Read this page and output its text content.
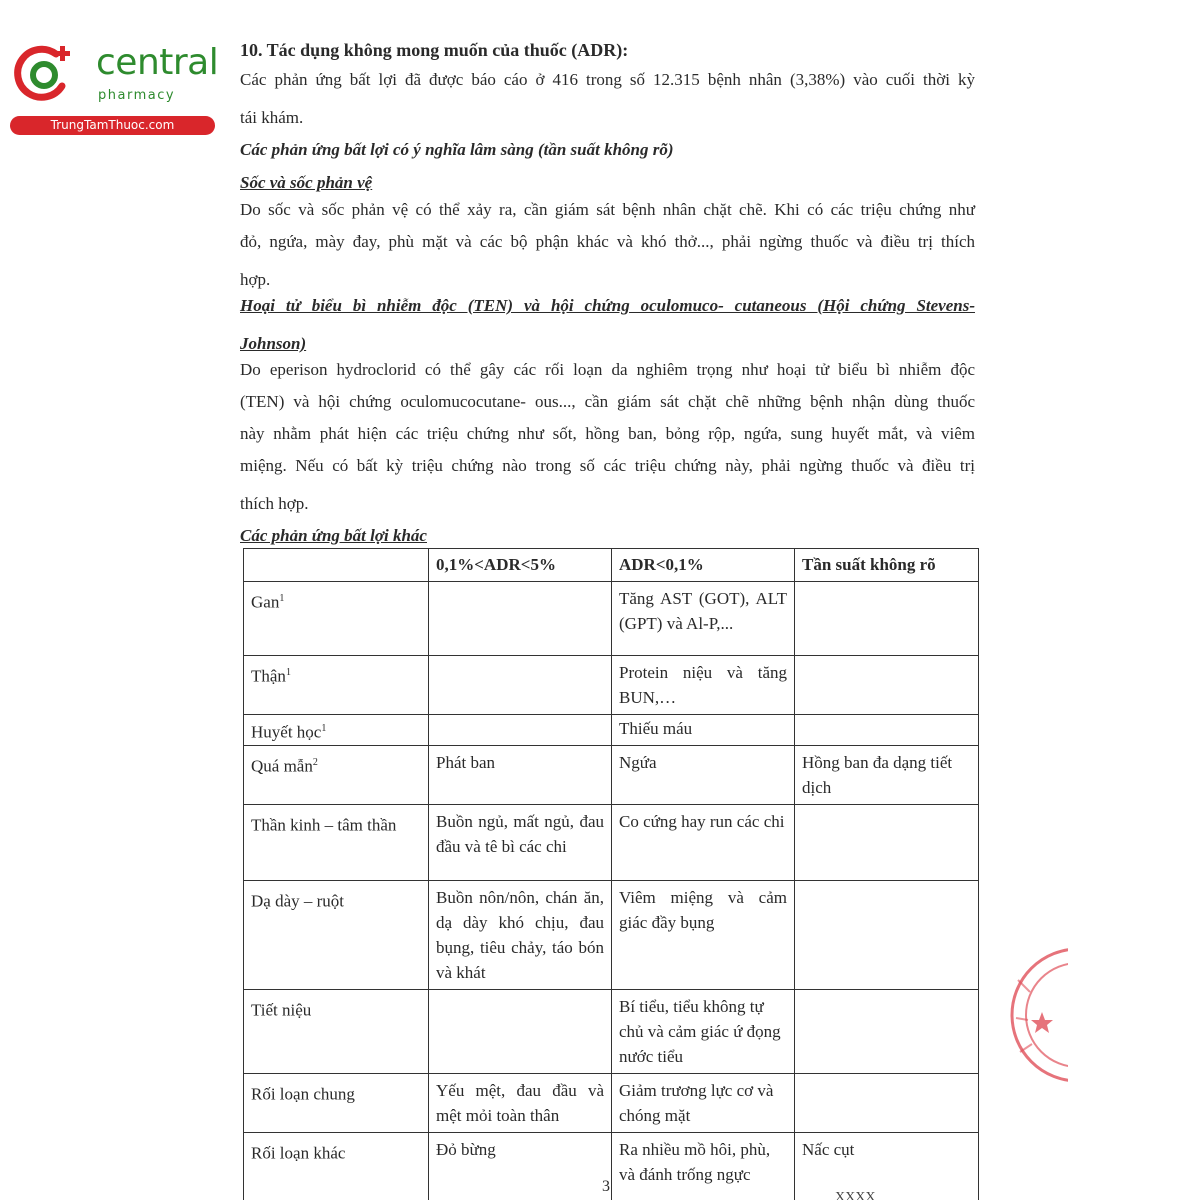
central
pharmacy
TrungTamThuoc.com
10. Tác dụng không mong muốn của thuốc (ADR):
Các phản ứng bất lợi đã được báo cáo ở 416 trong số 12.315 bệnh nhân (3,38%) vào cuối thời kỳ
tái khám.
Các phản ứng bất lợi có ý nghĩa lâm sàng (tần suất không rõ)
Sốc và sốc phản vệ
Do sốc và sốc phản vệ có thể xảy ra, cần giám sát bệnh nhân chặt chẽ. Khi có các triệu chứng như
đỏ, ngứa, mày đay, phù mặt và các bộ phận khác và khó thở..., phải ngừng thuốc và điều trị thích
hợp.
Hoại tử biểu bì nhiễm độc (TEN) và hội chứng oculomuco- cutaneous (Hội chứng Stevens-
Johnson)
Do eperison hydroclorid có thể gây các rối loạn da nghiêm trọng như hoại tử biểu bì nhiễm độc
(TEN) và hội chứng oculomucocutane- ous..., cần giám sát chặt chẽ những bệnh nhận dùng thuốc
này nhằm phát hiện các triệu chứng như sốt, hồng ban, bỏng rộp, ngứa, sung huyết mắt, và viêm
miệng. Nếu có bất kỳ triệu chứng nào trong số các triệu chứng này, phải ngừng thuốc và điều trị
thích hợp.
Các phản ứng bất lợi khác
	0,1%<ADR<5%	ADR<0,1%	Tần suất không rõ
Gan$^1$		Tăng AST (GOT), ALT (GPT) và Al-P,...	
Thận$^1$		Protein niệu và tăng BUN,…	
Huyết học$^1$		Thiếu máu	
Quá mẫn$^2$	Phát ban	Ngứa	Hồng ban đa dạng tiết dịch
Thần kinh – tâm thần	Buồn ngủ, mất ngủ, đau đầu và tê bì các chi	Co cứng hay run các chi	
Dạ dày – ruột	Buồn nôn/nôn, chán ăn, dạ dày khó chịu, đau bụng, tiêu chảy, táo bón và khát	Viêm miệng và cảm giác đầy bụng	
Tiết niệu		Bí tiểu, tiểu không tự chủ và cảm giác ứ đọng nước tiểu	
Rối loạn chung	Yếu mệt, đau đầu và mệt mỏi toàn thân	Giảm trương lực cơ và chóng mặt	
Rối loạn khác	Đỏ bừng	Ra nhiều mồ hôi, phù, và đánh trống ngực	Nấc cụt
3
XXXX
